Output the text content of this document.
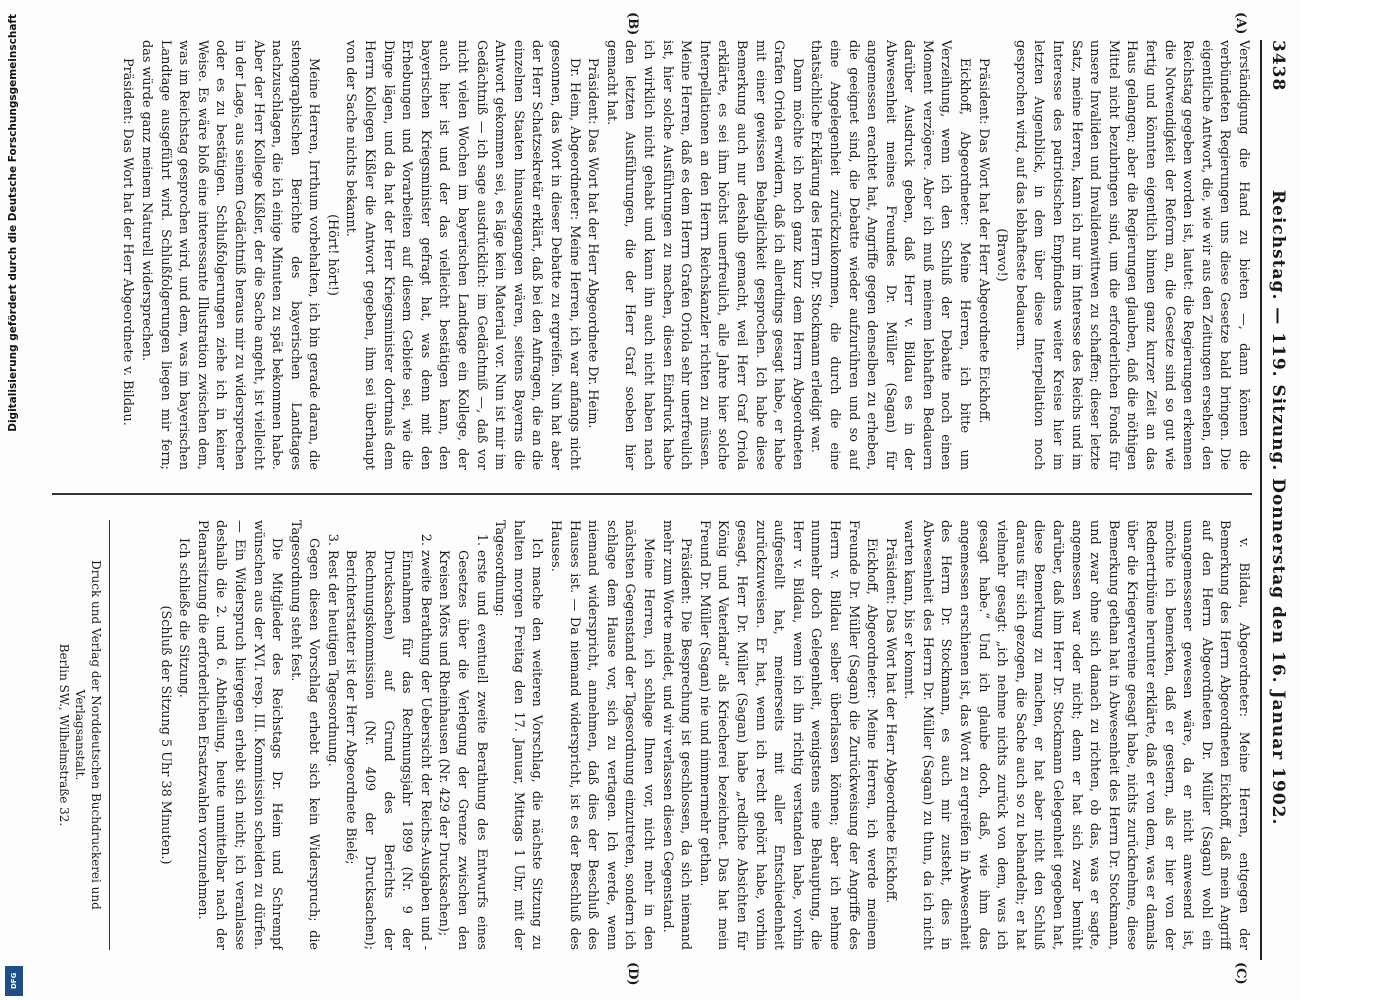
3438
Reichstag. — 119. Sitzung. Donnerstag den 16. Januar 1902.
(A)
(B)
(C)
(D)

Verständigung die Hand zu bieten —, dann können die verbündeten Regierungen uns diese Gesetze bald bringen. Die eigentliche Antwort, die, wie wir aus den Zeitungen ersehen, den Reichstag gegeben worden ist, lautet: die Regierungen erkennen die Notwendigkeit der Reform an, die Gesetze sind so gut wie fertig und könnten eigentlich binnen ganz kurzer Zeit an das Haus gelangen; aber die Regierungen glauben, daß die nöthigen Mittel nicht bezubringen sind, um die erforderlichen Fonds für unsere Invaliden und Invalidenwittwen zu schaffen; dieser letzte Satz, meine Herren, kann ich nur im Interesse des Reichs und im Interesse des patriotischen Empfindens weiter Kreise hier im letzten Augenblick, in dem über diese Interpellation noch gesprochen wird, auf das lebhafteste bedauern.

(Bravo!)

Präsident: Das Wort hat der Herr Abgeordnete Eickhoff.

Eickhoff, Abgeordneter: Meine Herren, ich bitte um Verzeihung, wenn ich den Schluß der Debatte noch einen Moment verzögere. Aber ich muß meinem lebhaften Bedauern darüber Ausdruck geben, daß Herr v. Bildau es in der Abwesenheit meines Freundes Dr. Müller (Sagan) für angemessen erachtet hat, Angriffe gegen denselben zu erheben, die geeignet sind, die Debatte wieder aufzurühren und so auf eine Angelegenheit zurückzukommen, die durch die eine thatsächliche Erklärung des Herrn Dr. Stockmann erledigt war.

Dann möchte ich noch ganz kurz dem Herrn Abgeordneten Grafen Oriola erwidern, daß ich allerdings gesagt habe, er habe mit einer gewissen Behaglichkeit gesprochen. Ich habe diese Bemerkung auch nur deshalb gemacht, weil Herr Graf Oriola erklärte, es sei ihm höchst unerfreulich, alle Jahre hier solche Interpellationen an den Herrn Reichskanzler richten zu müssen. Meine Herren, daß es dem Herrn Grafen Oriola sehr unerfreulich ist, hier solche Ausführungen zu machen, diesen Eindruck habe ich wirklich nicht gehabt und kann ihn auch nicht haben nach den letzten Ausführungen, die der Herr Graf soeben hier gemacht hat.

Präsident: Das Wort hat der Herr Abgeordnete Dr. Heim.

Dr. Heim, Abgeordneter: Meine Herren, ich war anfangs nicht gesonnen, das Wort in dieser Debatte zu ergreifen. Nun hat aber der Herr Schatzsekretär erklärt, daß bei den Anfragen, die an die einzelnen Staaten hinausgegangen wären, seitens Bayerns die Antwort gekommen sei, es läge kein Material vor. Nun ist mir im Gedächtniß — ich sage ausdrücklich: im Gedächtniß —, daß vor nicht vielen Wochen im bayerischen Landtage ein Kollege, der auch hier ist und der das vielleicht bestätigen kann, den bayerischen Kriegsminister gefragt hat, was denn mit den Erhebungen und Vorarbeiten auf diesem Gebiete sei, wie die Dinge lägen, und da hat der Herr Kriegsminister dortmals dem Herrn Kollegen Kißler die Antwort gegeben, ihm sei überhaupt von der Sache nichts bekannt.

(Hört! hört!)

Meine Herren, Irrthum vorbehalten, ich bin gerade daran, die stenographischen Berichte des bayerischen Landtages nachzuschlagen, die ich einige Minuten zu spät bekommen habe. Aber der Herr Kollege Kißler, der die Sache angeht, ist vielleicht in der Lage, aus seinem Gedächtniß heraus mir zu widersprechen oder es zu bestätigen. Schlußfolgerungen ziehe ich in keiner Weise. Es wäre bloß eine interessante Illustration zwischen dem, was im Reichstag gesprochen wird, und dem, was im bayerischen Landtage ausgeführt wird. Schlußfolgerungen liegen mir fern; das würde ganz meinem Naturell widersprechen.

Präsident: Das Wort hat der Herr Abgeordnete v. Bildau.

v. Bildau, Abgeordneter: Meine Herren, entgegen der Bemerkung des Herrn Abgeordneten Eickhoff, daß mein Angriff auf den Herrn Abgeordneten Dr. Müller (Sagan) wohl ein unangemessener gewesen wäre, da er nicht anwesend ist, möchte ich bemerken, daß er gestern, als er hier von der Rednertribüne herunter erklärte, daß er von dem, was er damals über die Kriegervereine gesagt habe, nichts zurücknehme, diese Bemerkung gethan hat in Abwesenheit des Herrn Dr. Stockmann, und zwar ohne sich danach zu richten, ob das, was er sagte, angemessen war oder nicht; denn er hat sich zwar bemüht darüber, daß ihm Herr Dr. Stockmann Gelegenheit gegeben hat, diese Bemerkung zu machen, er hat aber nicht den Schluß daraus für sich gezogen, die Sache auch so zu behandeln; er hat vielmehr gesagt: „ich nehme nichts zurück von dem, was ich gesagt habe.“ Und ich glaube doch, daß, wie ihm das angemessen erschienen ist, das Wort zu ergreifen in Abwesenheit des Herrn Dr. Stockmann, es auch mir zusteht, dies in Abwesenheit des Herrn Dr. Müller (Sagan) zu thun, da ich nicht warten kann, bis er kommt.

Präsident: Das Wort hat der Herr Abgeordnete Eickhoff.

Eickhoff, Abgeordneter: Meine Herren, ich werde meinem Freunde Dr. Müller (Sagan) die Zurückweisung der Angriffe des Herrn v. Bildau selber überlassen können; aber ich nehme nunmehr doch Gelegenheit, wenigstens eine Behauptung, die Herr v. Bildau, wenn ich ihn richtig verstanden habe, vorhin aufgestellt hat, meinerseits mit aller Entschiedenheit zurückzuweisen. Er hat, wenn ich recht gehört habe, vorhin gesagt, Herr Dr. Müller (Sagan) habe „redliche Absichten für König und Vaterland“ als Kriecherei bezeichnet. Das hat mein Freund Dr. Müller (Sagan) nie und nimmermehr gethan.

Präsident: Die Besprechung ist geschlossen, da sich niemand mehr zum Worte meldet, und wir verlassen diesen Gegenstand.

Meine Herren, ich schlage Ihnen vor, nicht mehr in den nächsten Gegenstand der Tagesordnung einzutreten, sondern ich schlage dem Hause vor, sich zu vertagen. Ich werde, wenn niemand widerspricht, annehmen, daß dies der Beschluß des Hauses ist. — Da niemand widerspricht, ist es der Beschluß des Hauses.

Ich mache den weiteren Vorschlag, die nächste Sitzung zu halten morgen Freitag den 17. Januar, Mittags 1 Uhr, mit der Tagesordnung:

1. erste und eventuell zweite Berathung des Entwurfs eines Gesetzes über die Verlegung der Grenze zwischen den Kreisen Mörs und Rheinhausen (Nr. 429 der Drucksachen);
2. zweite Berathung der Uebersicht der Reichs-Ausgaben und -Einnahmen für das Rechnungsjahr 1899 (Nr. 9 der Drucksachen) auf Grund des Berichts der Rechnungskommission (Nr. 409 der Drucksachen); Berichterstatter ist der Herr Abgeordnete Bielé;
3. Rest der heutigen Tagesordnung.

Gegen diesen Vorschlag erhebt sich kein Widerspruch; die Tagesordnung steht fest.

Die Mitglieder des Reichstags Dr. Heim und Schrempf wünschen aus der XVI. resp. III. Kommission scheiden zu dürfen. — Ein Widerspruch hiergegen erhebt sich nicht; ich veranlasse deshalb die 2. und 6. Abtheilung, heute unmittelbar nach der Plenarsitzung die erforderlichen Ersatzwahlen vorzunehmen.

Ich schließe die Sitzung.

(Schluß der Sitzung 5 Uhr 38 Minuten.)

Druck und Verlag der Norddeutschen Buchdruckerei und Verlagsanstalt.
Berlin SW., Wilhelmstraße 32.
Digitalisierung gefördert durch die Deutsche Forschungsgemeinschaft
DFG
